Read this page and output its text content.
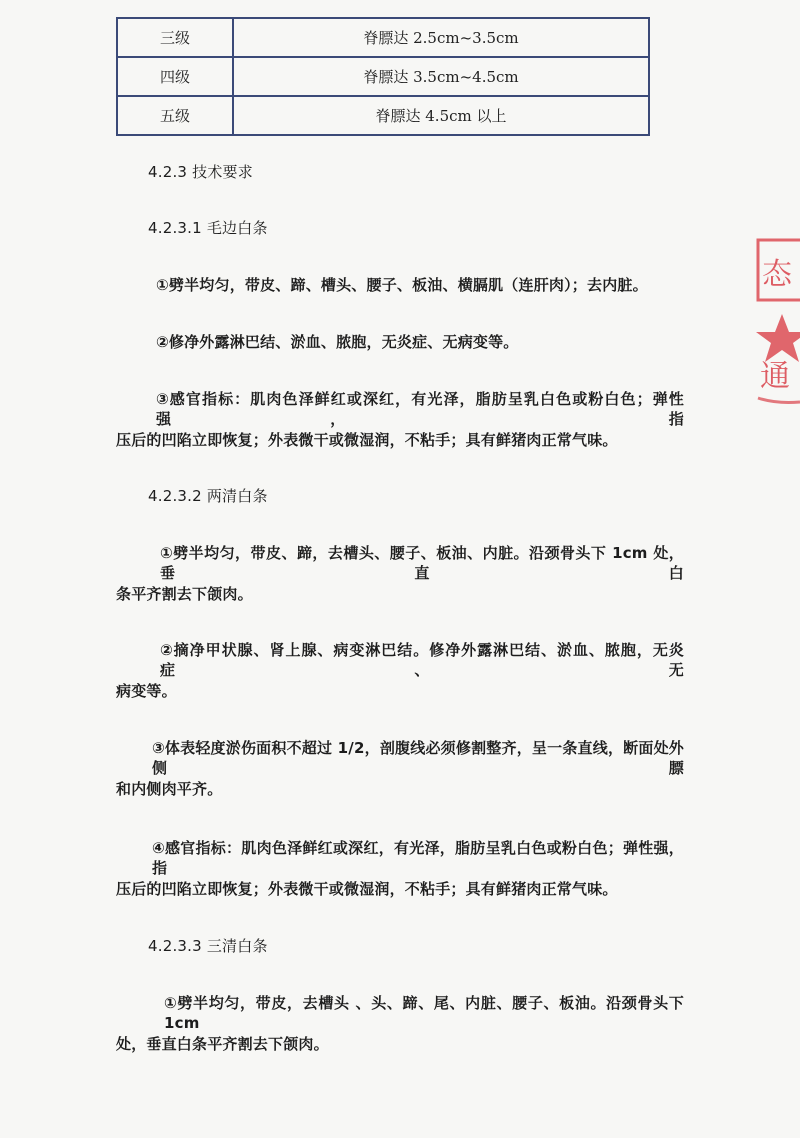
三级	脊膘达 2.5cm~3.5cm
四级	脊膘达 3.5cm~4.5cm
五级	脊膘达 4.5cm 以上

4.2.3 技术要求

4.2.3.1 毛边白条

①劈半均匀，带皮、蹄、槽头、腰子、板油、横膈肌（连肝肉）；去内脏。

②修净外露淋巴结、淤血、脓胞，无炎症、无病变等。

③感官指标：肌肉色泽鲜红或深红，有光泽，脂肪呈乳白色或粉白色；弹性强， 指

压后的凹陷立即恢复；外表微干或微湿润，不粘手；具有鲜猪肉正常气味。

4.2.3.2 两清白条

①劈半均匀，带皮、蹄，去槽头、腰子、板油、内脏。沿颈骨头下 1cm 处，垂直白

条平齐割去下颌肉。

②摘净甲状腺、肾上腺、病变淋巴结。修净外露淋巴结、淤血、脓胞，无炎症、无

病变等。

③体表轻度淤伤面积不超过 1/2，剖腹线必须修割整齐，呈一条直线，断面处外侧膘

和内侧肉平齐。

④感官指标：肌肉色泽鲜红或深红，有光泽，脂肪呈乳白色或粉白色；弹性强， 指

压后的凹陷立即恢复；外表微干或微湿润，不粘手；具有鲜猪肉正常气味。

4.2.3.3 三清白条

①劈半均匀，带皮，去槽头 、头、蹄、尾、内脏、腰子、板油。沿颈骨头下 1cm

处，垂直白条平齐割去下颌肉。

态
通
